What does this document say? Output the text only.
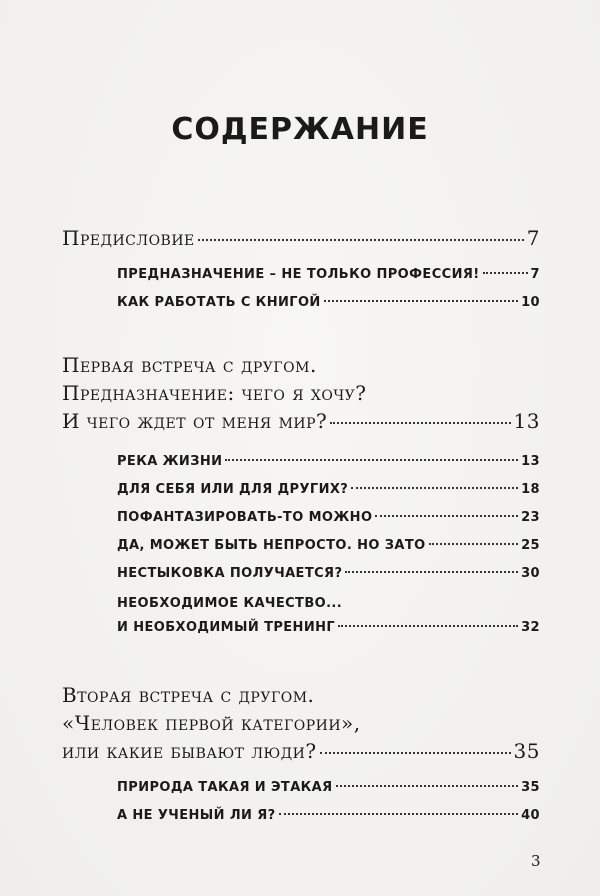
СОДЕРЖАНИЕ
Предисловие	7
ПРЕДНАЗНАЧЕНИЕ – НЕ ТОЛЬКО ПРОФЕССИЯ!	7
КАК РАБОТАТЬ С КНИГОЙ	10
Первая встреча с другом.
Предназначение: чего я хочу?
И чего ждет от меня мир?	13
РЕКА ЖИЗНИ	13
ДЛЯ СЕБЯ ИЛИ ДЛЯ ДРУГИХ?	18
ПОФАНТАЗИРОВАТЬ-ТО МОЖНО	23
ДА, МОЖЕТ БЫТЬ НЕПРОСТО. НО ЗАТО	25
НЕСТЫКОВКА ПОЛУЧАЕТСЯ?	30
НЕОБХОДИМОЕ КАЧЕСТВО...
И НЕОБХОДИМЫЙ ТРЕНИНГ	32
Вторая встреча с другом.
«Человек первой категории»,
или какие бывают люди?	35
ПРИРОДА ТАКАЯ И ЭТАКАЯ	35
А НЕ УЧЕНЫЙ ЛИ Я?	40
3
